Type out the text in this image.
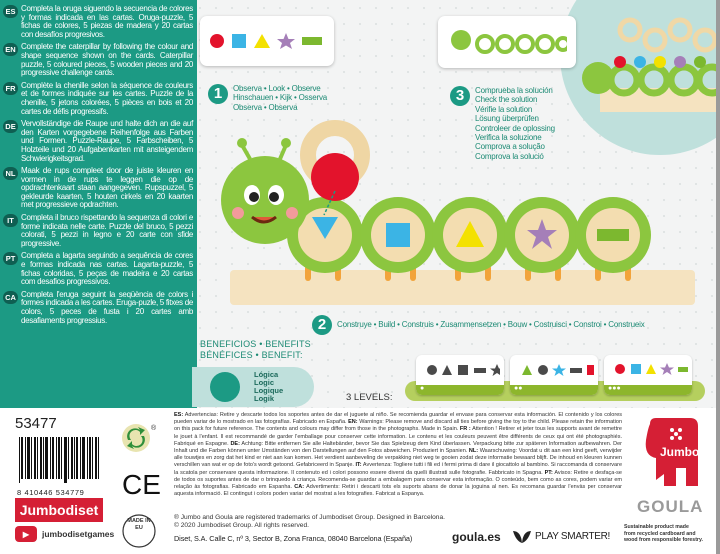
ES Completa la oruga siguendo la secuencia de colores y formas indicada en las cartas. Oruga-puzzle, 5 fichas de colores, 5 piezas de madera y 20 cartas con desafíos progresivos.
EN Complete the caterpillar by following the colour and shape sequence shown on the cards. Caterpillar puzzle, 5 coloured pieces, 5 wooden pieces and 20 progressive challenge cards.
FR Complète la chenille selon la séquence de couleurs et de formes indiquée sur les cartes. Puzzle de la chenille, 5 jetons colorées, 5 pièces en bois et 20 cartes de défis progressifs.
DE Vervollständige die Raupe und halte dich an die auf den Karten vorgegebene Reihenfolge aus Farben und Formen. Puzzle-Raupe, 5 Farbscheiben, 5 Holzteile und 20 Aufgabenkarten mit ansteigendem Schwierigkeitsgrad.
NL Maak de rups compleet door de juiste kleuren en vormen in de rups te leggen die op de opdrachtenkaart staan aangegeven. Rupspuzzel, 5 gekleurde kaarten, 5 houten cirkels en 20 kaarten met progressieve opdrachten.
IT Completa il bruco rispettando la sequenza di colori e forme indicata nelle carte. Puzzle del bruco, 5 pezzi colorati, 5 pezzi in legno e 20 carte con sfide progressive.
PT Completa a lagarta seguindo a sequência de cores e formas indicada nas cartas. Lagarta-puzzle, 5 fichas coloridas, 5 peças de madeira e 20 cartas com desafios progressivos.
CA Completa l'eruga seguint la seqüència de colors i formes indicada a les cartes. Eruga-puzle, 5 fitxes de colors, 5 peces de fusta i 20 cartes amb desafiaments progressius.
1	Observa • Look • Observe
Hinschauen • Kijk • Osserva
Observa • Observa
3	Comprueba la solución
Check the solution
Vérifie la solution
Lösung überprüfen
Controleer de oplossing
Verifica la soluzione
Comprova a solução
Comprova la solució
2	Construye • Build • Construis • Zusammensetzen • Bouw • Costruisci • Constroi • Construeix
BENEFICIOS • BENEFITS
BÉNÉFICES • BENEFIT:
Lógica
Logic
Logique
Logik	3 LEVELS:
●	●●	●●●
53477
8 410446 534779
Jumbodiset
®
CE
MADE IN EU
▶	jumbodisetgames
ES: Advertencias: Retire y descarte todos los soportes antes de dar el juguete al niño. Se recomienda guardar el envase para conservar esta información. El contenido y los colores pueden variar de lo mostrado en las fotografías. Fabricado en España. EN: Warnings: Please remove and discard all ties before giving the toy to the child. Please retain the information on this pack for future reference. The contents and colours may differ from those in the photographs. Made in Spain. FR : Attention ! Retirer et jeter tous les supports avant de remettre le jouet à l'enfant. Il est recommandé de garder l'emballage pour conserver cette information. Le contenu et les couleurs peuvent être différents de ceux qui ont été photographiés. Fabriqué en Espagne. DE: Achtung: Bitte entfernen Sie alle Haltebänder, bevor Sie das Spielzeug dem Kind überlassen. Verpackung bitte zur späteren Information aufbewahren. Der Inhalt und die Farben können unter Umständen von den Darstellungen auf den Fotos abweichen. Produziert in Spanien. NL: Waarschuwing: Voordat u dit aan een kind geeft, verwijder alle touwtjes en zorg dat het kind er niet aan kan komen. Het verdient aanbeveling de verpakking niet weg te gooien zodat deze informatie bewaard blijft. De inhoud en kleuren kunnen verschillen van wat er op de foto's wordt getoond. Gefabriceerd in Spanje. IT: Avvertenza: Togliere tutti i fili ed i fermi prima di dare il giocattolo al bambino. Si raccomanda di conservare la scatola per conservare questa informazione. Il contenuto ed i colori possono essere diversi da quelli illustrati sulle fotografie. Fabbricato in Spagna. PT: Avisos: Retire e desfaça-se de todos os suportes antes de dar o brinquedo à criança. Recomenda-se guardar a embalagem para conservar esta informação. O conteúdo, bem como as cores, podem variar em relação às fotografias. Fabricado em Espanha. CA: Advertiments: Retiri i descarti tots els suports abans de donar la joguina al nen. Es recomana guardar l'envàs per conservar aquesta informació. El contingut i colors poden variar del mostrat a les fotografies. Fabricat a Espanya.
® Jumbo and Goula are registered trademarks of Jumbodiset Group. Designed in Barcelona.
© 2020 Jumbodiset Group. All rights reserved.
Diset, S.A. Calle C, nº 3, Sector B, Zona Franca, 08040 Barcelona (España)	goula.es	PLAY SMARTER!
Sustainable product made
from recycled cardboard and
wood from responsible forestry.
Jumbo
GOULA
